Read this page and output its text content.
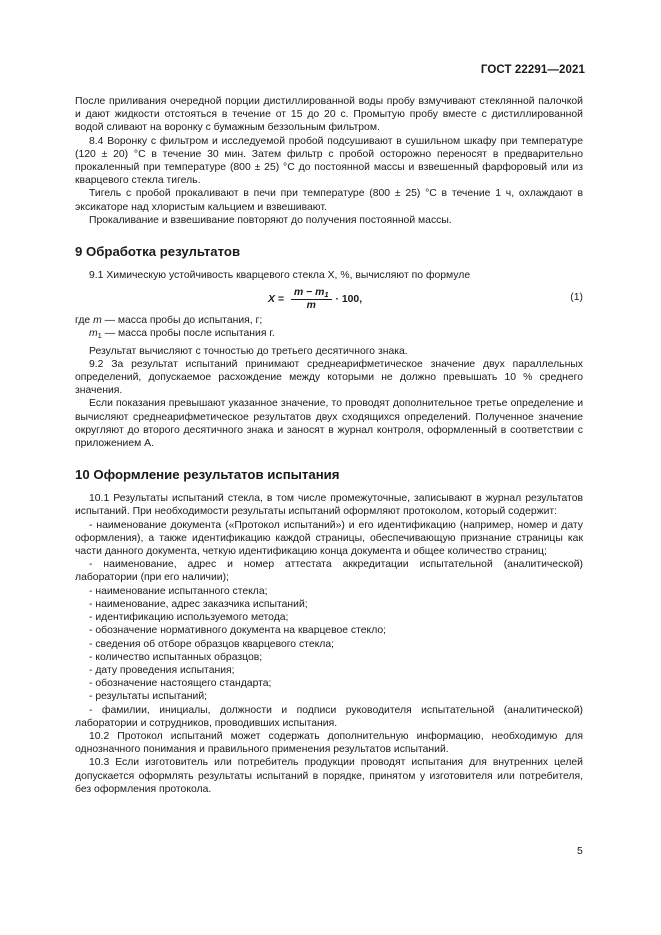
ГОСТ 22291—2021

После приливания очередной порции дистиллированной воды пробу взмучивают стеклянной палочкой и дают жидкости отстояться в течение от 15 до 20 с. Промытую пробу вместе с дистиллированной водой сливают на воронку с бумажным беззольным фильтром.

8.4 Воронку с фильтром и исследуемой пробой подсушивают в сушильном шкафу при температуре (120 ± 20) °С в течение 30 мин. Затем фильтр с пробой осторожно переносят в предварительно прокаленный при температуре (800 ± 25) °С до постоянной массы и взвешенный фарфоровый или из кварцевого стекла тигель.

Тигель с пробой прокаливают в печи при температуре (800 ± 25) °С в течение 1 ч, охлаждают в эксикаторе над хлористым кальцием и взвешивают.

Прокаливание и взвешивание повторяют до получения постоянной массы.

9 Обработка результатов

9.1 Химическую устойчивость кварцевого стекла X, %, вычисляют по формуле

$X = \frac{m - m_1}{m} \cdot 100$,	(1)
где
m
— масса пробы до испытания, г;
$m_1$
— масса пробы после испытания г.

Результат вычисляют с точностью до третьего десятичного знака.

9.2 За результат испытаний принимают среднеарифметическое значение двух параллельных определений, допускаемое расхождение между которыми не должно превышать 10 % среднего значения.

Если показания превышают указанное значение, то проводят дополнительное третье определение и вычисляют среднеарифметическое результатов двух сходящихся определений. Полученное значение округляют до второго десятичного знака и заносят в журнал контроля, оформленный в соответствии с приложением А.

10 Оформление результатов испытания

10.1 Результаты испытаний стекла, в том числе промежуточные, записывают в журнал результатов испытаний. При необходимости результаты испытаний оформляют протоколом, который содержит:

- наименование документа («Протокол испытаний») и его идентификацию (например, номер и дату оформления), а также идентификацию каждой страницы, обеспечивающую признание страницы как части данного документа, четкую идентификацию конца документа и общее количество страниц;

- наименование, адрес и номер аттестата аккредитации испытательной (аналитической) лаборатории (при его наличии);

- наименование испытанного стекла;

- наименование, адрес заказчика испытаний;

- идентификацию используемого метода;

- обозначение нормативного документа на кварцевое стекло;

- сведения об отборе образцов кварцевого стекла;

- количество испытанных образцов;

- дату проведения испытания;

- обозначение настоящего стандарта;

- результаты испытаний;

- фамилии, инициалы, должности и подписи руководителя испытательной (аналитической) лаборатории и сотрудников, проводивших испытания.

10.2 Протокол испытаний может содержать дополнительную информацию, необходимую для однозначного понимания и правильного применения результатов испытаний.

10.3 Если изготовитель или потребитель продукции проводят испытания для внутренних целей допускается оформлять результаты испытаний в порядке, принятом у изготовителя или потребителя, без оформления протокола.

5
